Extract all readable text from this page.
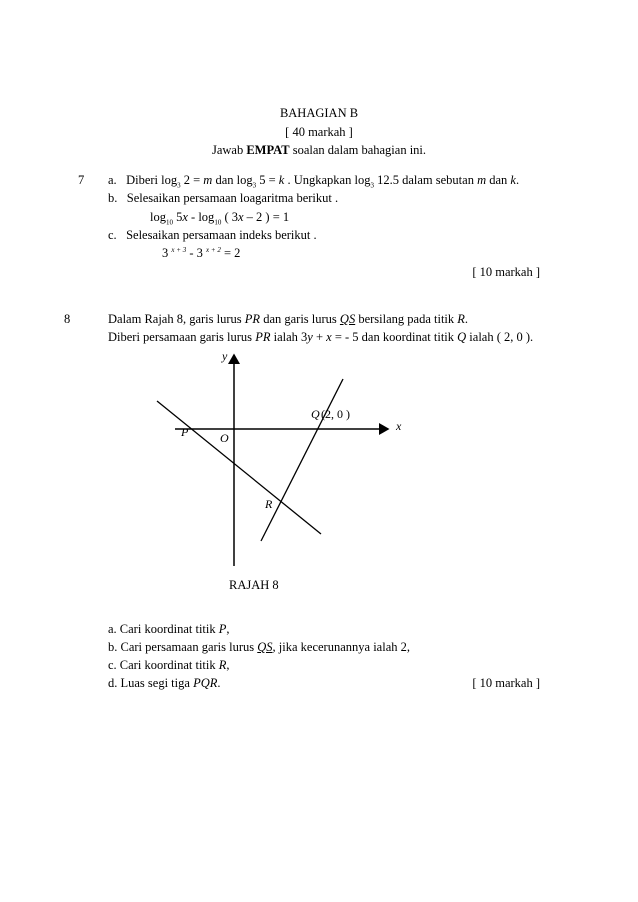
BAHAGIAN B
[ 40 markah ]
Jawab EMPAT soalan dalam bahagian ini.
7 a. Diberi $\log_3 2 = m$ dan $\log_3 5 = k$ . Ungkapkan $\log_3 12.5$ dalam sebutan m dan k.
b. Selesaikan persamaan loagaritma berikut .
$\log_{10} 5x - \log_{10}$ ( 3x – 2 ) = 1
c. Selesaikan persamaan indeks berikut .
3 $^{x + 3}$ - 3 $^{x + 2}$ = 2
[ 10 markah ]
8	Dalam Rajah 8, garis lurus PR dan garis lurus QS bersilang pada titik R.
Diberi persamaan garis lurus PR ialah 3y + x = - 5 dan koordinat titik Q ialah ( 2, 0 ).
y
x
O
P
Q (2, 0 )
R
RAJAH 8
a. Cari koordinat titik P,
b. Cari persamaan garis lurus QS, jika kecerunannya ialah 2,
c. Cari koordinat titik R,
d. Luas segi tiga PQR.	[ 10 markah ]
